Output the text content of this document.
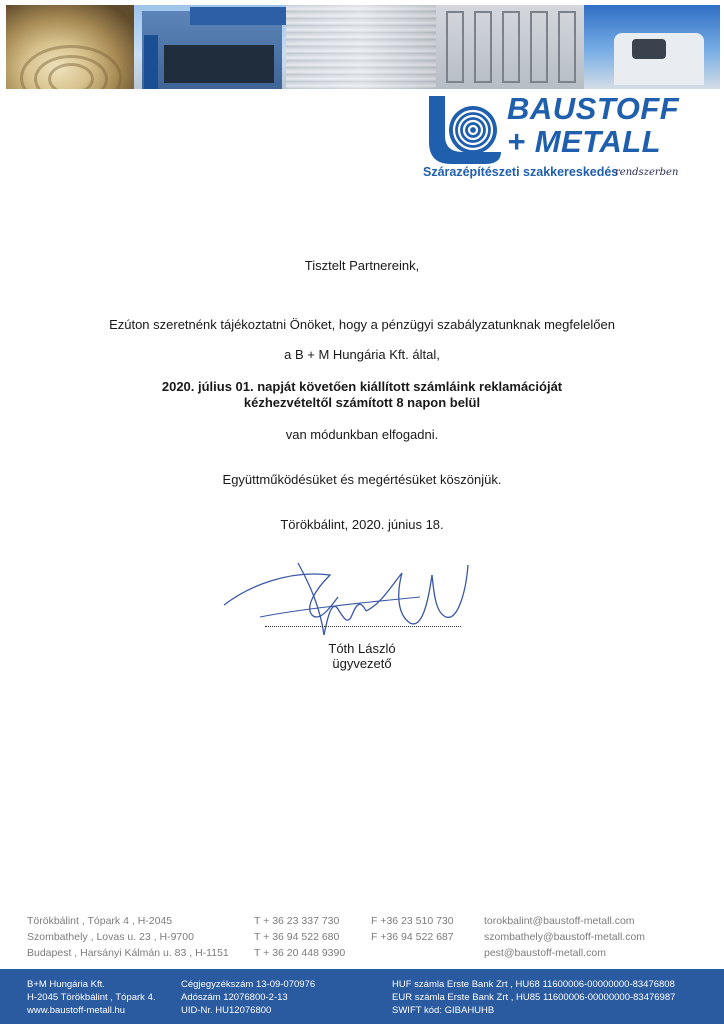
BAUSTOFF
+ METALL
Szárazépítészeti szakkereskedés
rendszerben
Tisztelt Partnereink,
Ezúton szeretnénk tájékoztatni Önöket, hogy a pénzügyi szabályzatunknak megfelelően
a B + M Hungária Kft. által,
2020. július 01. napját követően kiállított számláink reklamációját
kézhezvételtől számított 8 napon belül
van módunkban elfogadni.
Együttműködésüket és megértésüket köszönjük.
Törökbálint, 2020. június 18.
Tóth László
ügyvezető
Törökbálint , Tópark 4 , H-2045
Szombathely , Lovas u. 23 , H-9700
Budapest , Harsányi Kálmán u. 83 , H-1151
T + 36 23 337 730
T + 36 94 522 680
T + 36 20 448 9390
F +36 23 510 730
F +36 94 522 687
torokbalint@baustoff-metall.com
szombathely@baustoff-metall.com
pest@baustoff-metall.com
B+M Hungária Kft.
H-2045 Törökbálint , Tópark 4.
www.baustoff-metall.hu
Cégjegyzékszám 13-09-070976
Adószám 12076800-2-13
UID-Nr. HU12076800
HUF számla Erste Bank Zrt , HU68 11600006-00000000-83476808
EUR számla Erste Bank Zrt , HU85 11600006-00000000-83476987
SWIFT kód: GIBAHUHB
